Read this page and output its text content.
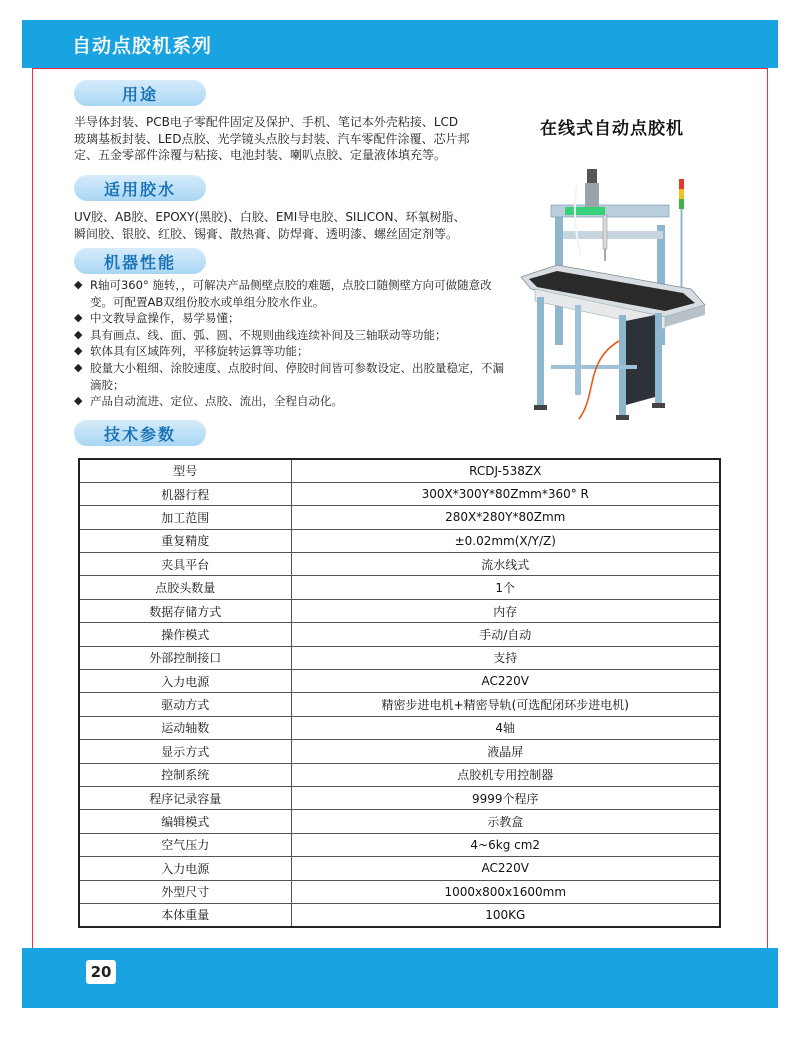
自动点胶机系列
用途
半导体封装、PCB电子零配件固定及保护、手机、笔记本外壳粘接、LCD玻璃基板封装、LED点胶、光学镜头点胶与封装、汽车零配件涂覆、芯片邦定、五金零部件涂覆与粘接、电池封装、喇叭点胶、定量液体填充等。
适用胶水
UV胶、AB胶、EPOXY(黑胶)、白胶、EMI导电胶、SILICON、环氧树脂、瞬间胶、银胶、红胶、锡膏、散热膏、防焊膏、透明漆、螺丝固定剂等。
机器性能
◆ R轴可360° 施转，，可解决产品侧壁点胶的难题，点胶口随侧壁方向可做随意改变。可配置AB双组份胶水或单组分胶水作业。
◆ 中文教导盒操作，易学易懂；
◆ 具有画点、线、面、弧、圆、不规则曲线连续补间及三轴联动等功能；
◆ 软体具有区域阵列，平移旋转运算等功能；
◆ 胶量大小粗细、涂胶速度、点胶时间、停胶时间皆可参数设定、出胶量稳定，不漏滴胶；
◆ 产品自动流进、定位、点胶、流出，全程自动化。
技术参数
在线式自动点胶机
型号	RCDJ-538ZX
机器行程	300X*300Y*80Zmm*360° R
加工范围	280X*280Y*80Zmm
重复精度	±0.02mm(X/Y/Z)
夹具平台	流水线式
点胶头数量	1个
数据存储方式	内存
操作模式	手动/自动
外部控制接口	支持
入力电源	AC220V
驱动方式	精密步进电机+精密导轨(可选配闭环步进电机)
运动轴数	4轴
显示方式	液晶屏
控制系统	点胶机专用控制器
程序记录容量	9999个程序
编辑模式	示教盒
空气压力	4~6kg cm2
入力电源	AC220V
外型尺寸	1000x800x1600mm
本体重量	100KG
20
